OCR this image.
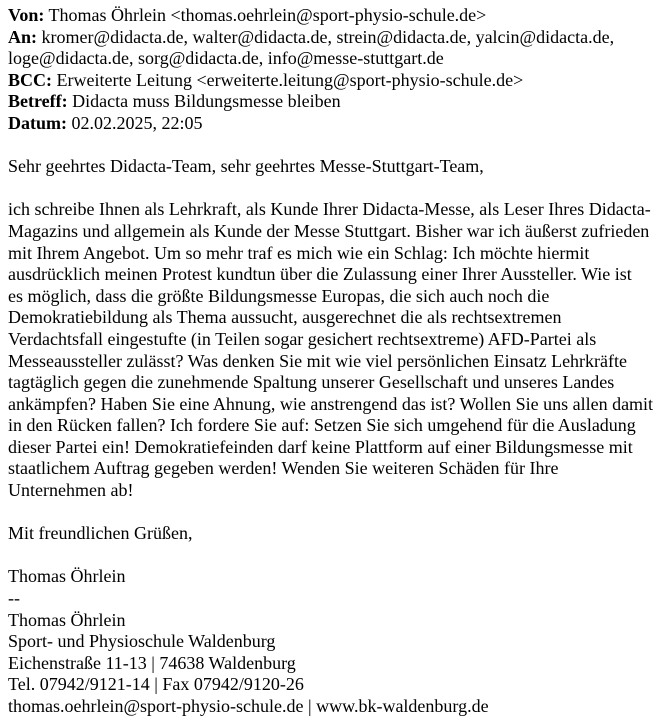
Von: Thomas Öhrlein <thomas.oehrlein@sport-physio-schule.de>
An: kromer@didacta.de, walter@didacta.de, strein@didacta.de, yalcin@didacta.de,
loge@didacta.de, sorg@didacta.de, info@messe-stuttgart.de
BCC: Erweiterte Leitung <erweiterte.leitung@sport-physio-schule.de>
Betreff: Didacta muss Bildungsmesse bleiben
Datum: 02.02.2025, 22:05
Sehr geehrtes Didacta-Team, sehr geehrtes Messe-Stuttgart-Team,
ich schreibe Ihnen als Lehrkraft, als Kunde Ihrer Didacta-Messe, als Leser Ihres Didacta-
Magazins und allgemein als Kunde der Messe Stuttgart. Bisher war ich äußerst zufrieden
mit Ihrem Angebot. Um so mehr traf es mich wie ein Schlag: Ich möchte hiermit
ausdrücklich meinen Protest kundtun über die Zulassung einer Ihrer Aussteller. Wie ist
es möglich, dass die größte Bildungsmesse Europas, die sich auch noch die
Demokratiebildung als Thema aussucht, ausgerechnet die als rechtsextremen
Verdachtsfall eingestufte (in Teilen sogar gesichert rechtsextreme) AFD-Partei als
Messeaussteller zulässt? Was denken Sie mit wie viel persönlichen Einsatz Lehrkräfte
tagtäglich gegen die zunehmende Spaltung unserer Gesellschaft und unseres Landes
ankämpfen? Haben Sie eine Ahnung, wie anstrengend das ist? Wollen Sie uns allen damit
in den Rücken fallen? Ich fordere Sie auf: Setzen Sie sich umgehend für die Ausladung
dieser Partei ein! Demokratiefeinden darf keine Plattform auf einer Bildungsmesse mit
staatlichem Auftrag gegeben werden! Wenden Sie weiteren Schäden für Ihre
Unternehmen ab!
Mit freundlichen Grüßen,
Thomas Öhrlein
--
Thomas Öhrlein
Sport- und Physioschule Waldenburg
Eichenstraße 11-13 | 74638 Waldenburg
Tel. 07942/9121-14 | Fax 07942/9120-26
thomas.oehrlein@sport-physio-schule.de | www.bk-waldenburg.de
